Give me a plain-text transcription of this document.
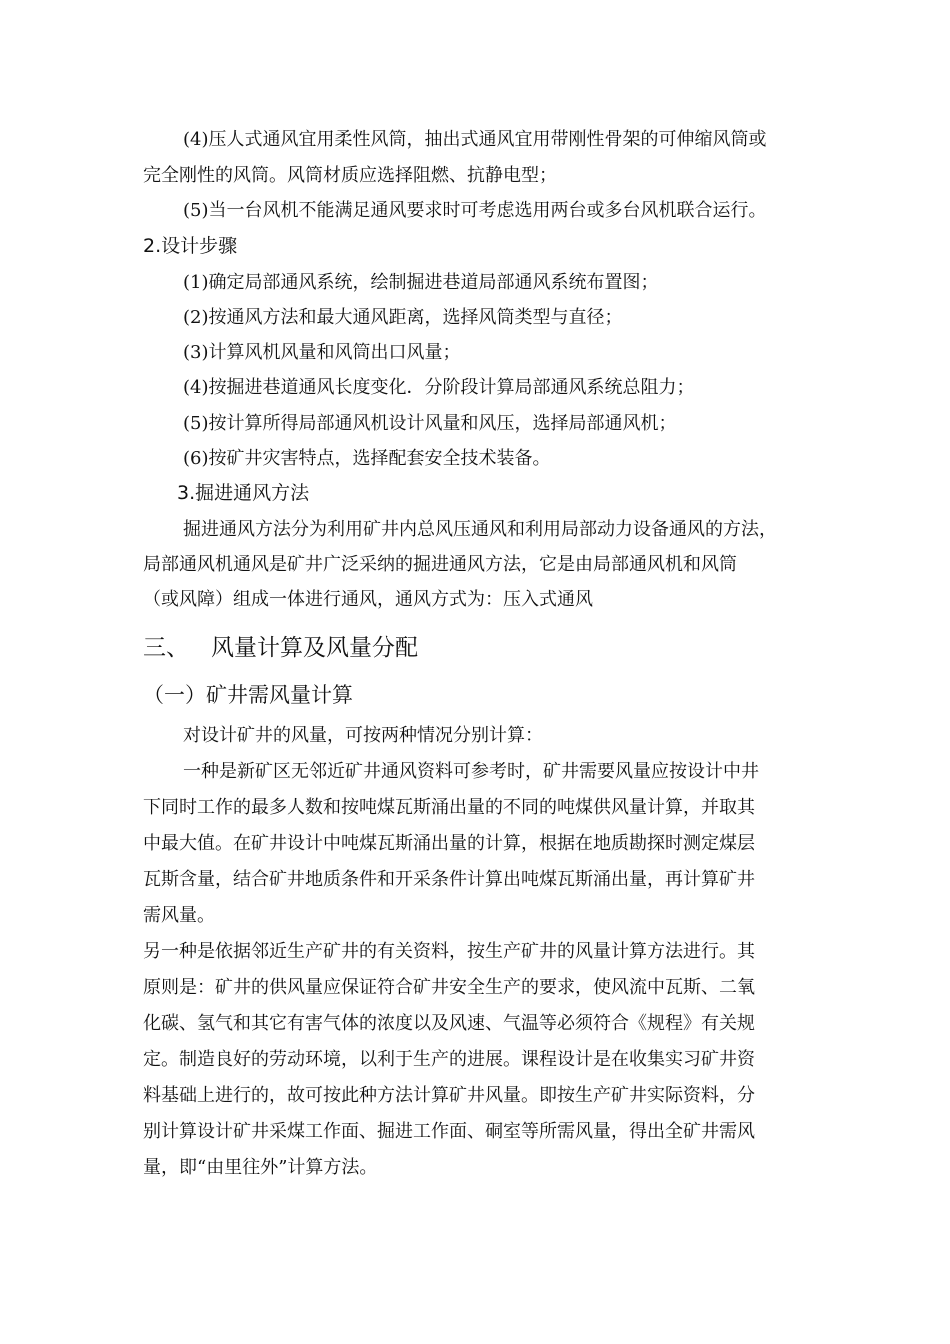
(4)压人式通风宜用柔性风筒，抽出式通风宜用带刚性骨架的可伸缩风筒或
完全刚性的风筒。风筒材质应选择阻燃、抗静电型；
(5)当一台风机不能满足通风要求时可考虑选用两台或多台风机联合运行。
2.设计步骤
(1)确定局部通风系统，绘制掘进巷道局部通风系统布置图；
(2)按通风方法和最大通风距离，选择风筒类型与直径；
(3)计算风机风量和风筒出口风量；
(4)按掘进巷道通风长度变化．分阶段计算局部通风系统总阻力；
(5)按计算所得局部通风机设计风量和风压，选择局部通风机；
(6)按矿井灾害特点，选择配套安全技术装备。
3.掘进通风方法
掘进通风方法分为利用矿井内总风压通风和利用局部动力设备通风的方法，
局部通风机通风是矿井广泛采纳的掘进通风方法，它是由局部通风机和风筒
（或风障）组成一体进行通风，通风方式为：压入式通风
三、 风量计算及风量分配
（一）矿井需风量计算
对设计矿井的风量，可按两种情况分别计算：
一种是新矿区无邻近矿井通风资料可参考时，矿井需要风量应按设计中井
下同时工作的最多人数和按吨煤瓦斯涌出量的不同的吨煤供风量计算，并取其
中最大值。在矿井设计中吨煤瓦斯涌出量的计算，根据在地质勘探时测定煤层
瓦斯含量，结合矿井地质条件和开采条件计算出吨煤瓦斯涌出量，再计算矿井
需风量。
另一种是依据邻近生产矿井的有关资料，按生产矿井的风量计算方法进行。其
原则是：矿井的供风量应保证符合矿井安全生产的要求，使风流中瓦斯、二氧
化碳、氢气和其它有害气体的浓度以及风速、气温等必须符合《规程》有关规
定。制造良好的劳动环境，以利于生产的进展。课程设计是在收集实习矿井资
料基础上进行的，故可按此种方法计算矿井风量。即按生产矿井实际资料，分
别计算设计矿井采煤工作面、掘进工作面、硐室等所需风量，得出全矿井需风
量，即“由里往外”计算方法。
